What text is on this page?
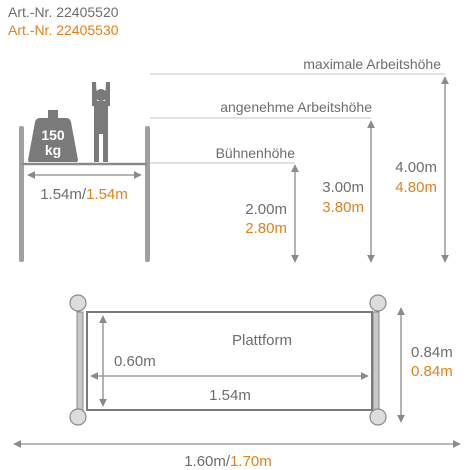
Art.-Nr. 22405520
Art.-Nr. 22405530
150
kg
1.54m/1.54m
maximale Arbeitshöhe
angenehme Arbeitshöhe
Bühnenhöhe
2.00m
2.80m
3.00m
3.80m
4.00m
4.80m
Plattform
0.60m
1.54m
0.84m
0.84m
1.60m/1.70m
